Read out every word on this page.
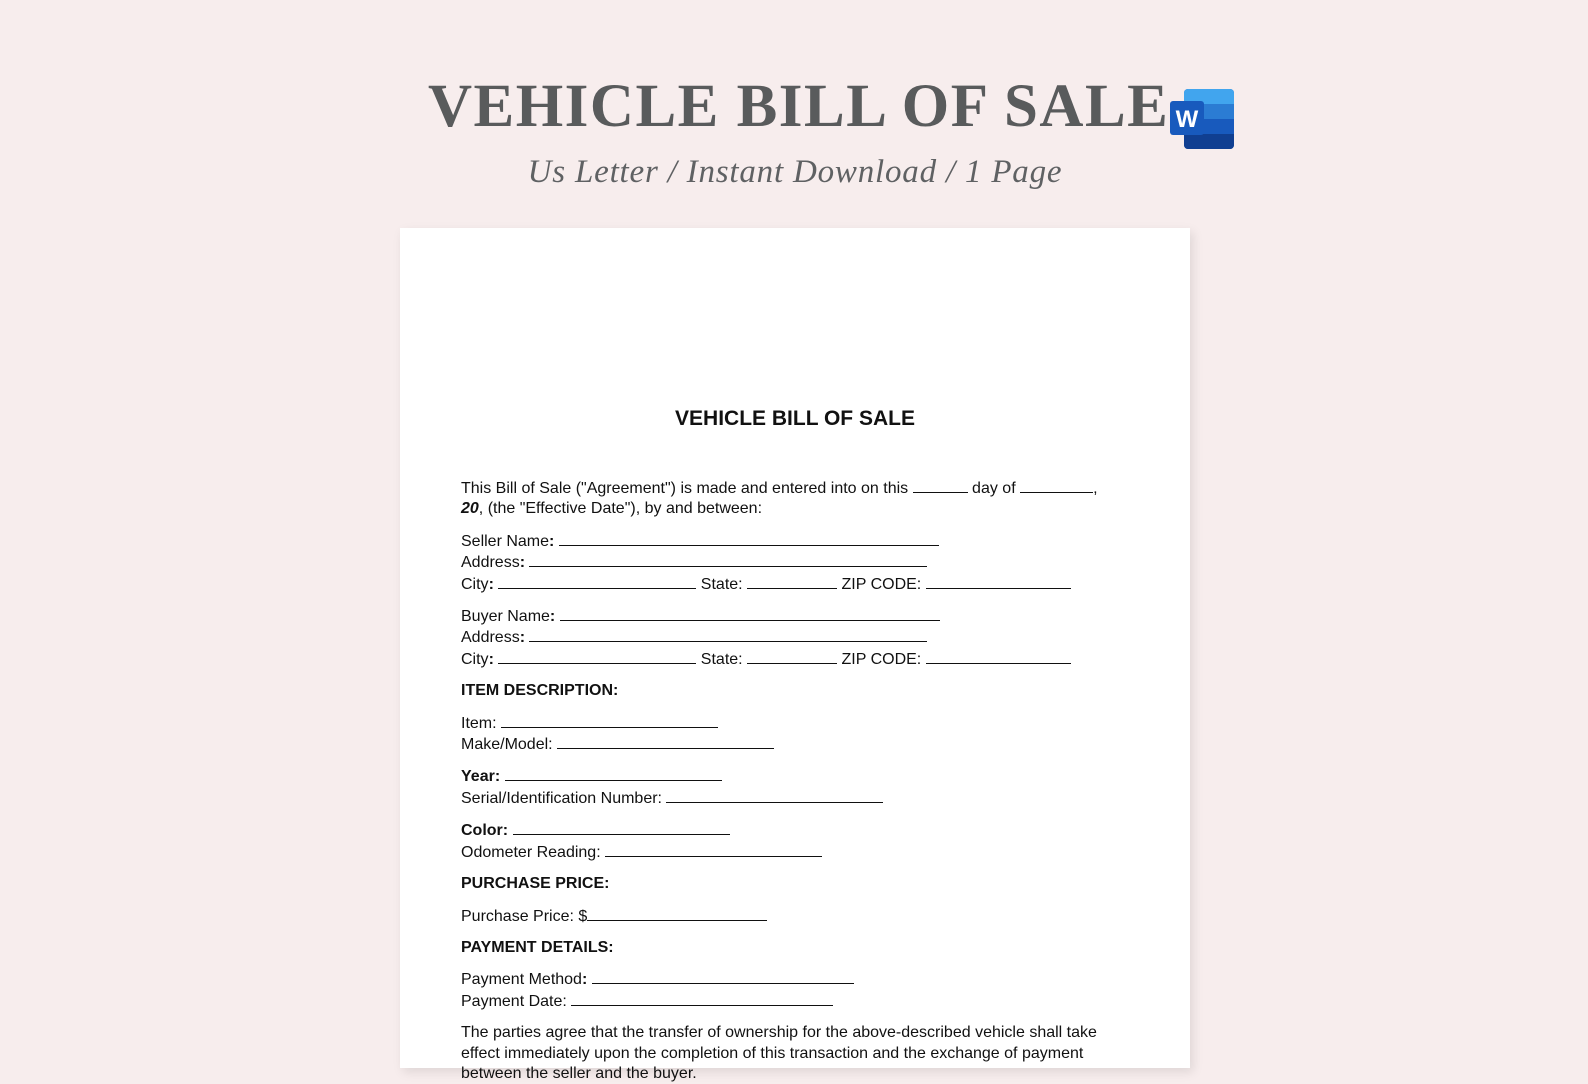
VEHICLE BILL OF SALE W
Us Letter / Instant Download / 1 Page
VEHICLE BILL OF SALE
This Bill of Sale ("Agreement") is made and entered into on this	day of	,
20, (the "Effective Date"), by and between:
Seller Name:
Address:
City:	State:	ZIP CODE:
Buyer Name:
Address:
City:	State:	ZIP CODE:
ITEM DESCRIPTION:
Item:
Make/Model:
Year:
Serial/Identification Number:
Color:
Odometer Reading:
PURCHASE PRICE:
Purchase Price: $
PAYMENT DETAILS:
Payment Method:
Payment Date:
The parties agree that the transfer of ownership for the above-described vehicle shall take effect immediately upon the completion of this transaction and the exchange of payment between the seller and the buyer.
